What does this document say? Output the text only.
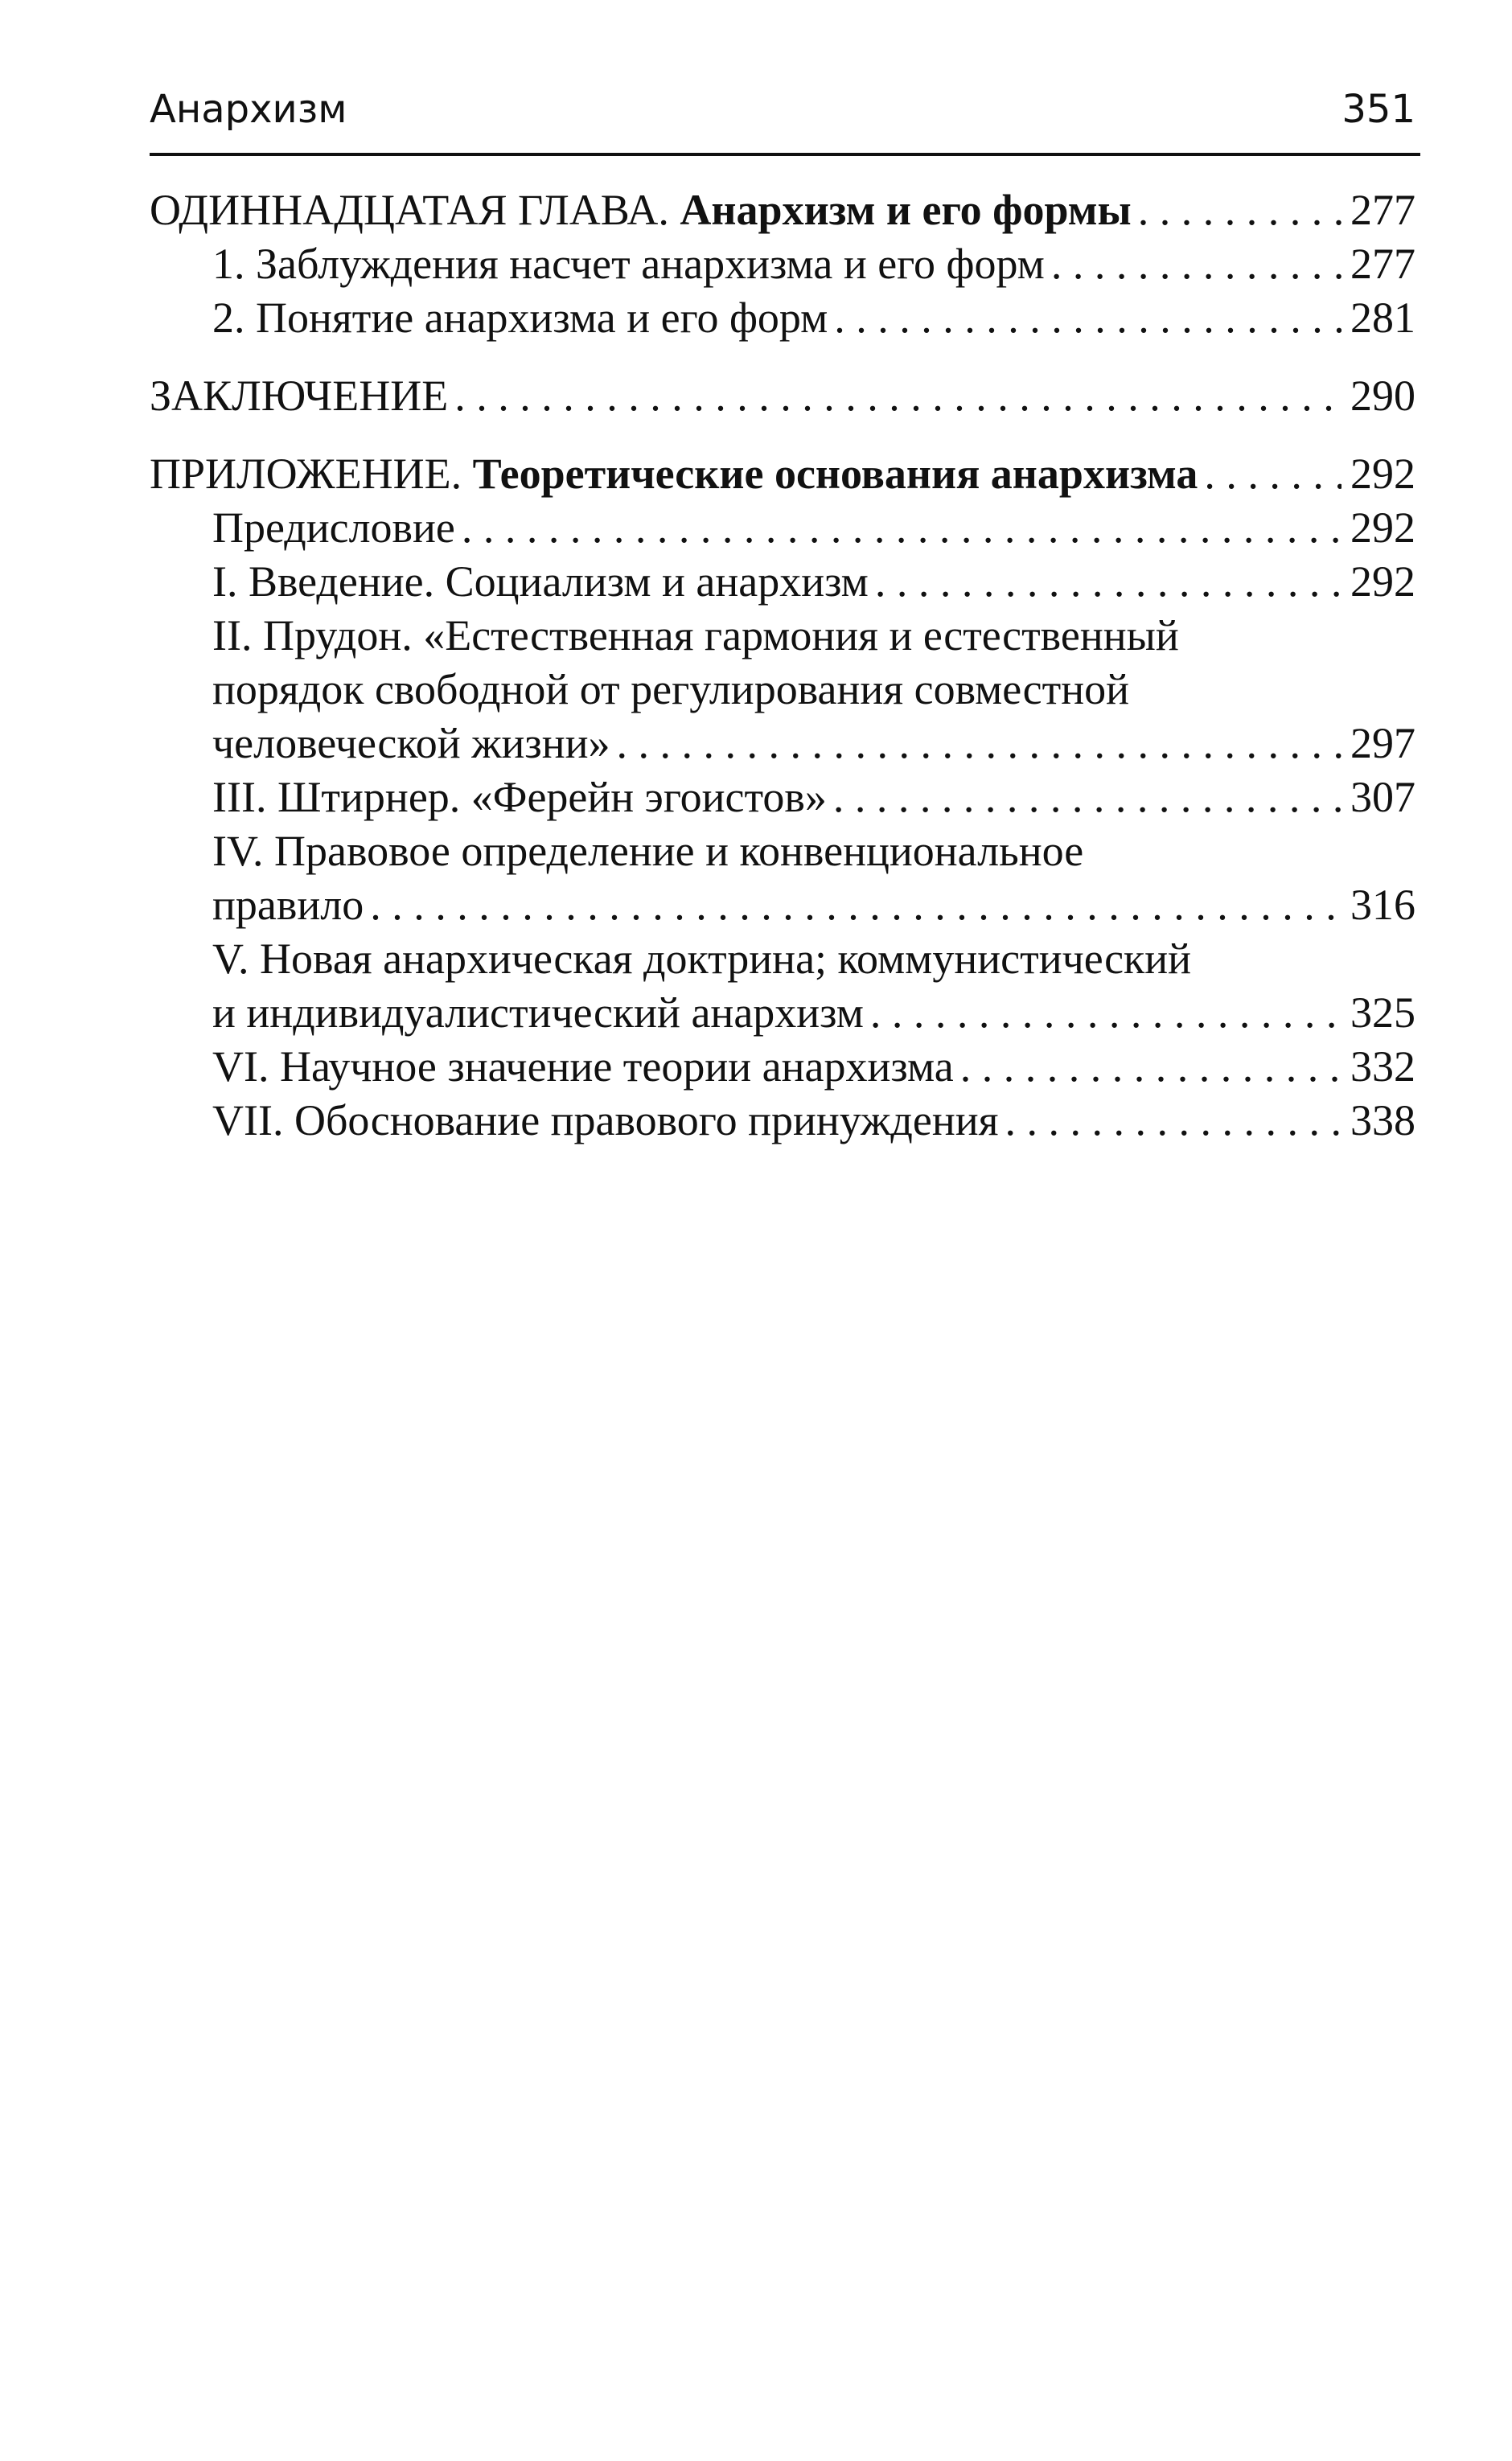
Анархизм	351
ОДИННАДЦАТАЯ ГЛАВА. Анархизм и его формы . . .	277
1. Заблуждения насчет анархизма и его форм . . .	277
2. Понятие анархизма и его форм . . .	281
ЗАКЛЮЧЕНИЕ . . .	290
ПРИЛОЖЕНИЕ. Теоретические основания анархизма . . .	292
Предисловие . . .	292
I. Введение. Социализм и анархизм . . .	292
II. Прудон. «Естественная гармония и естественный
порядок свободной от регулирования совместной
человеческой жизни» . . .	297
III. Штирнер. «Ферейн эгоистов» . . .	307
IV. Правовое определение и конвенциональное
правило . . .	316
V. Новая анархическая доктрина; коммунистический
и индивидуалистический анархизм . . .	325
VI. Научное значение теории анархизма . . .	332
VII. Обоснование правового принуждения . . .	338
